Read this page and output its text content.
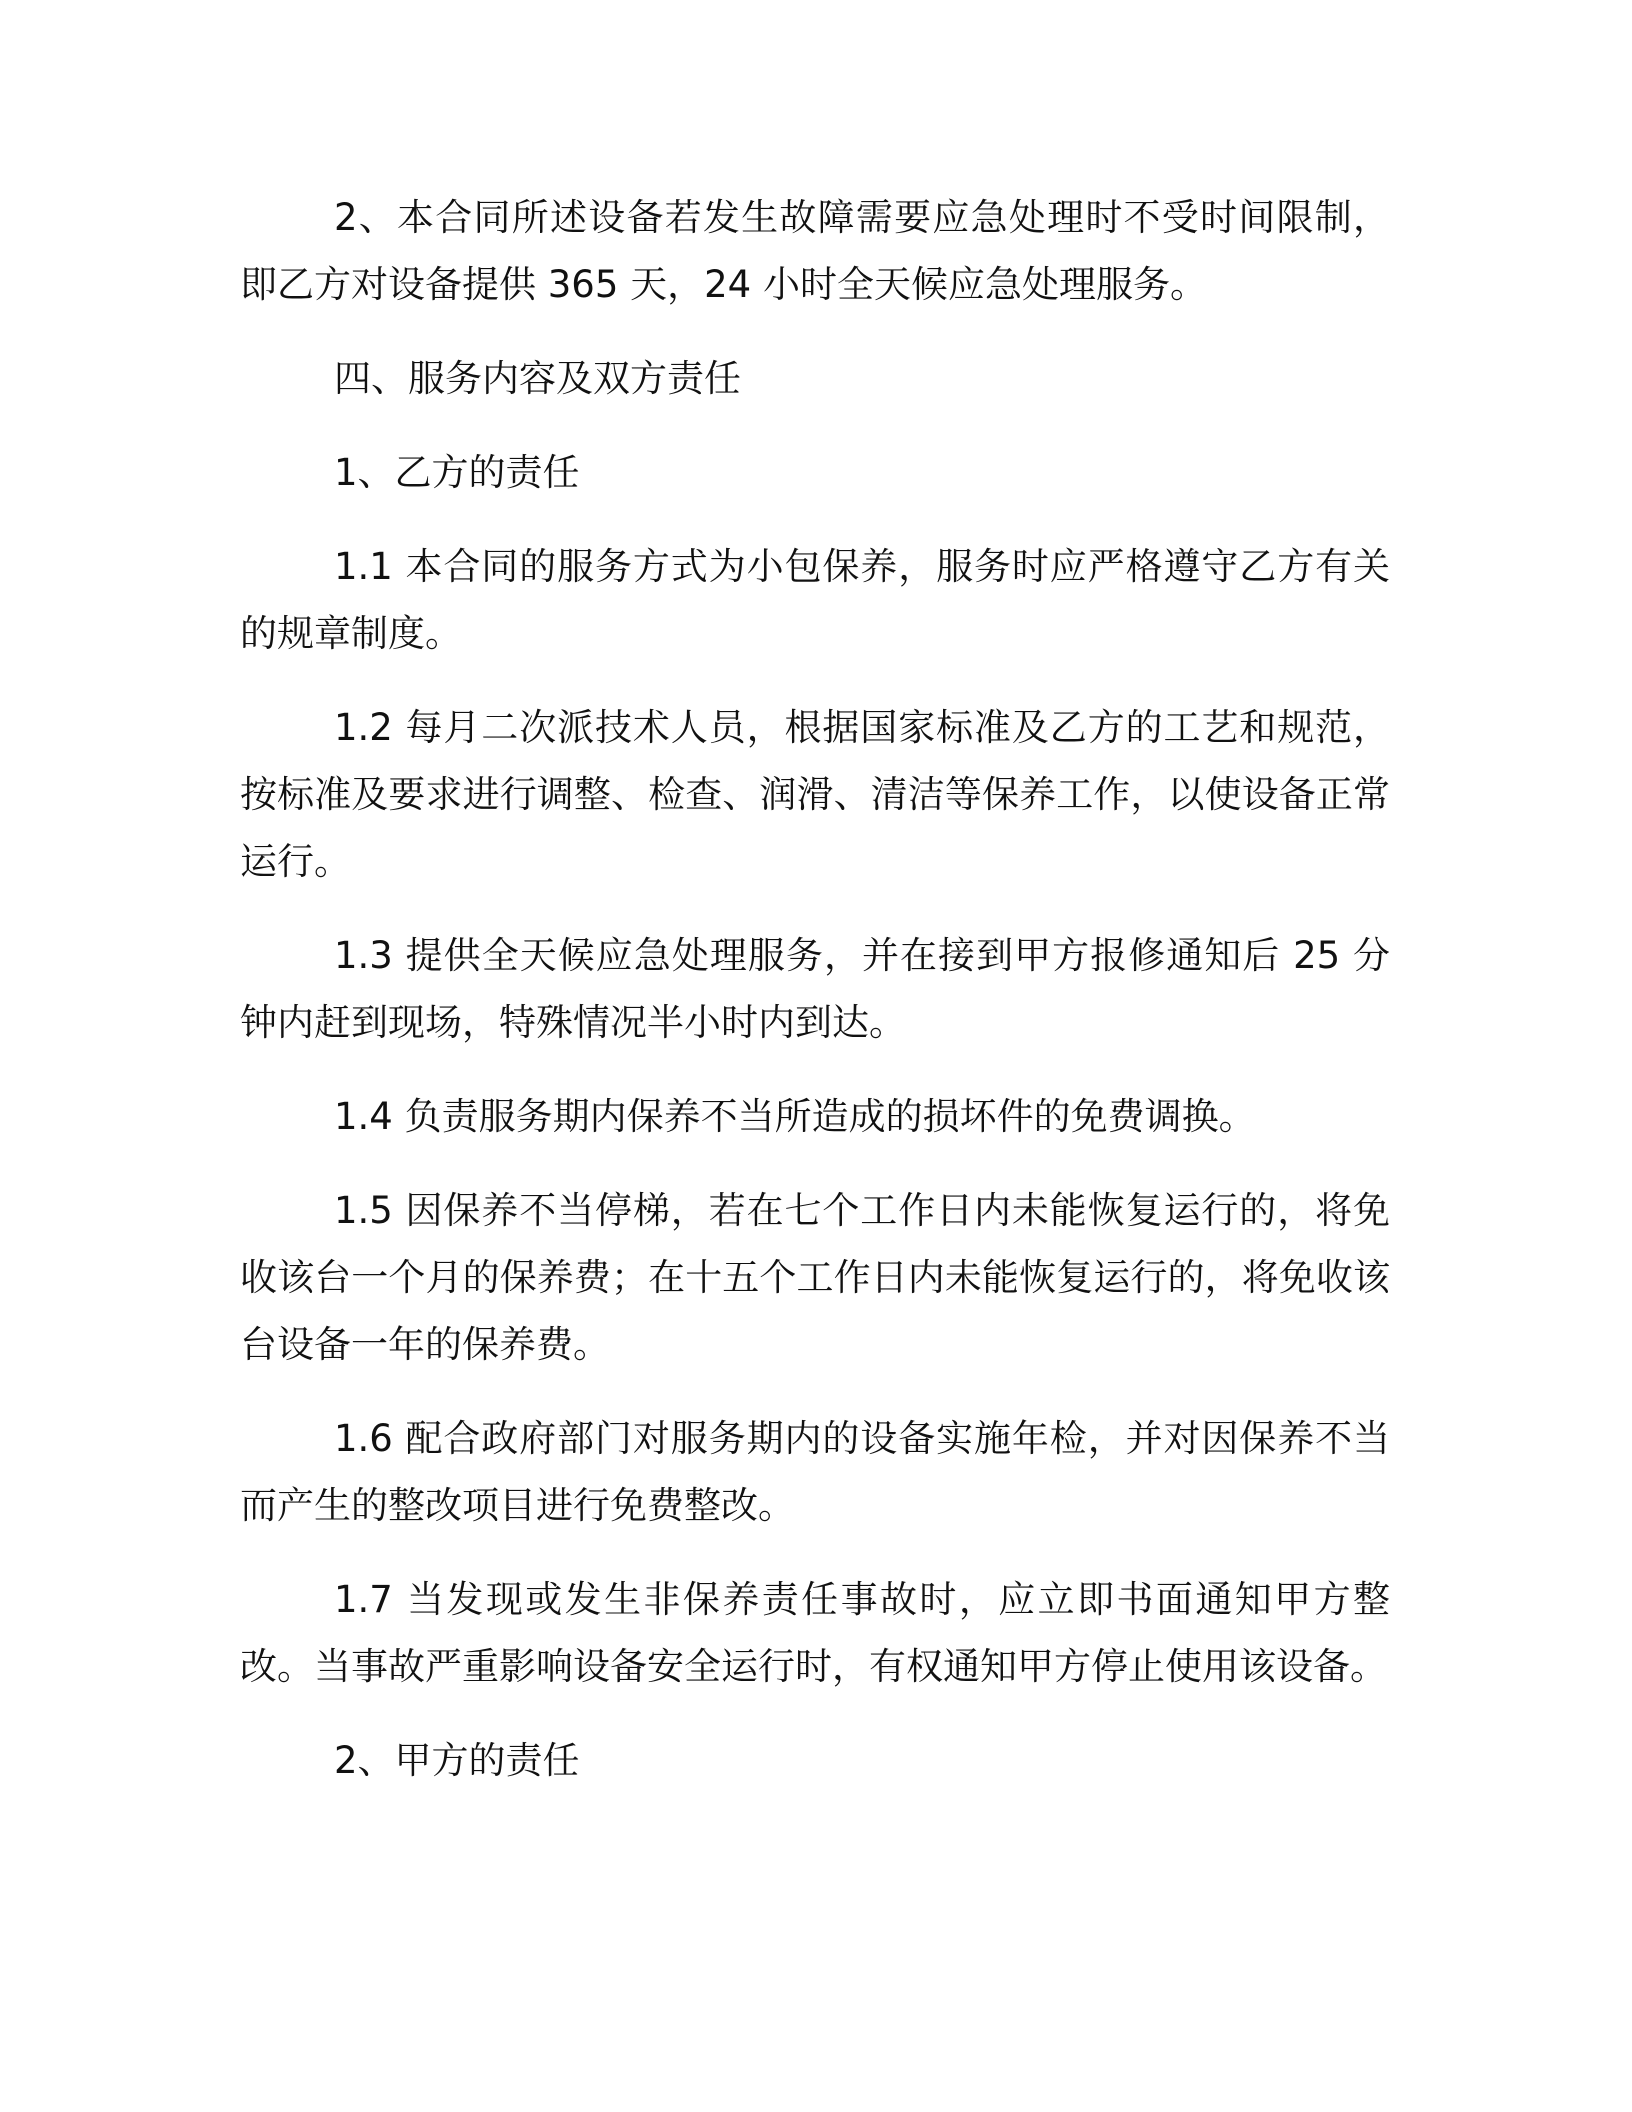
2、本合同所述设备若发生故障需要应急处理时不受时间限制，即乙方对设备提供 365 天，24 小时全天候应急处理服务。

四、服务内容及双方责任

1、乙方的责任

1.1 本合同的服务方式为小包保养，服务时应严格遵守乙方有关的规章制度。

1.2 每月二次派技术人员，根据国家标准及乙方的工艺和规范，按标准及要求进行调整、检查、润滑、清洁等保养工作，以使设备正常运行。

1.3 提供全天候应急处理服务，并在接到甲方报修通知后 25 分钟内赶到现场，特殊情况半小时内到达。

1.4 负责服务期内保养不当所造成的损坏件的免费调换。

1.5 因保养不当停梯，若在七个工作日内未能恢复运行的，将免收该台一个月的保养费；在十五个工作日内未能恢复运行的，将免收该台设备一年的保养费。

1.6 配合政府部门对服务期内的设备实施年检，并对因保养不当而产生的整改项目进行免费整改。

1.7 当发现或发生非保养责任事故时，应立即书面通知甲方整改。当事故严重影响设备安全运行时，有权通知甲方停止使用该设备。

2、甲方的责任
